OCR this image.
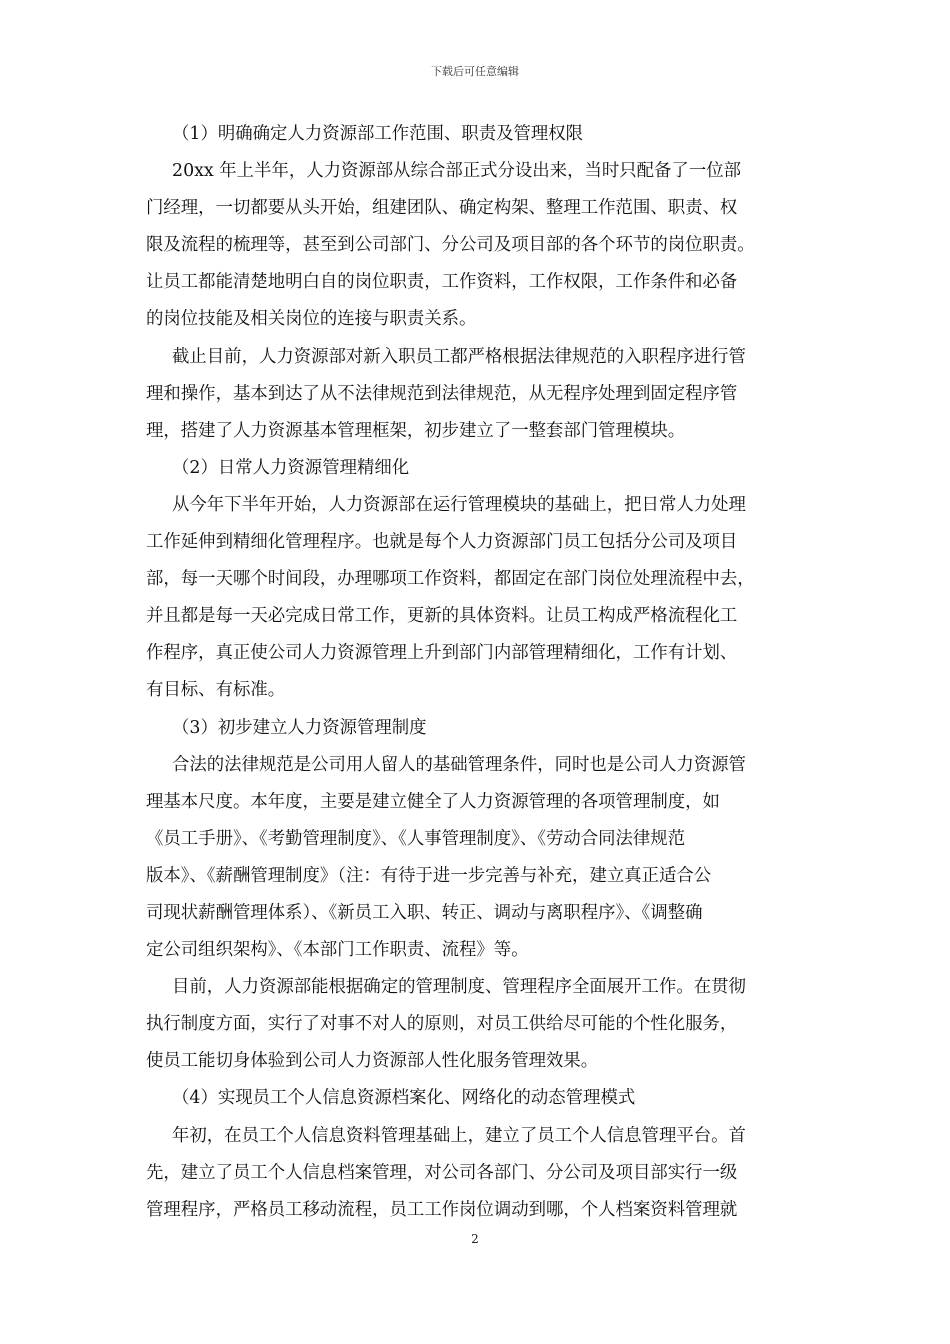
下载后可任意编辑
（1）明确确定人力资源部工作范围、职责及管理权限
20xx 年上半年，人力资源部从综合部正式分设出来，当时只配备了一位部
门经理，一切都要从头开始，组建团队、确定构架、整理工作范围、职责、权
限及流程的梳理等，甚至到公司部门、分公司及项目部的各个环节的岗位职责。
让员工都能清楚地明白自的岗位职责，工作资料，工作权限，工作条件和必备
的岗位技能及相关岗位的连接与职责关系。
截止目前，人力资源部对新入职员工都严格根据法律规范的入职程序进行管
理和操作，基本到达了从不法律规范到法律规范，从无程序处理到固定程序管
理，搭建了人力资源基本管理框架，初步建立了一整套部门管理模块。
（2）日常人力资源管理精细化
从今年下半年开始，人力资源部在运行管理模块的基础上，把日常人力处理
工作延伸到精细化管理程序。也就是每个人力资源部门员工包括分公司及项目
部，每一天哪个时间段，办理哪项工作资料，都固定在部门岗位处理流程中去，
并且都是每一天必完成日常工作，更新的具体资料。让员工构成严格流程化工
作程序，真正使公司人力资源管理上升到部门内部管理精细化，工作有计划、
有目标、有标准。
（3）初步建立人力资源管理制度
合法的法律规范是公司用人留人的基础管理条件，同时也是公司人力资源管
理基本尺度。本年度，主要是建立健全了人力资源管理的各项管理制度，如
《员工手册》、《考勤管理制度》、《人事管理制度》、《劳动合同法律规范
版本》、《薪酬管理制度》（注：有待于进一步完善与补充，建立真正适合公
司现状薪酬管理体系）、《新员工入职、转正、调动与离职程序》、《调整确
定公司组织架构》、《本部门工作职责、流程》等。
目前，人力资源部能根据确定的管理制度、管理程序全面展开工作。在贯彻
执行制度方面，实行了对事不对人的原则，对员工供给尽可能的个性化服务，
使员工能切身体验到公司人力资源部人性化服务管理效果。
（4）实现员工个人信息资源档案化、网络化的动态管理模式
年初，在员工个人信息资料管理基础上，建立了员工个人信息管理平台。首
先，建立了员工个人信息档案管理，对公司各部门、分公司及项目部实行一级
管理程序，严格员工移动流程，员工工作岗位调动到哪，个人档案资料管理就
2
